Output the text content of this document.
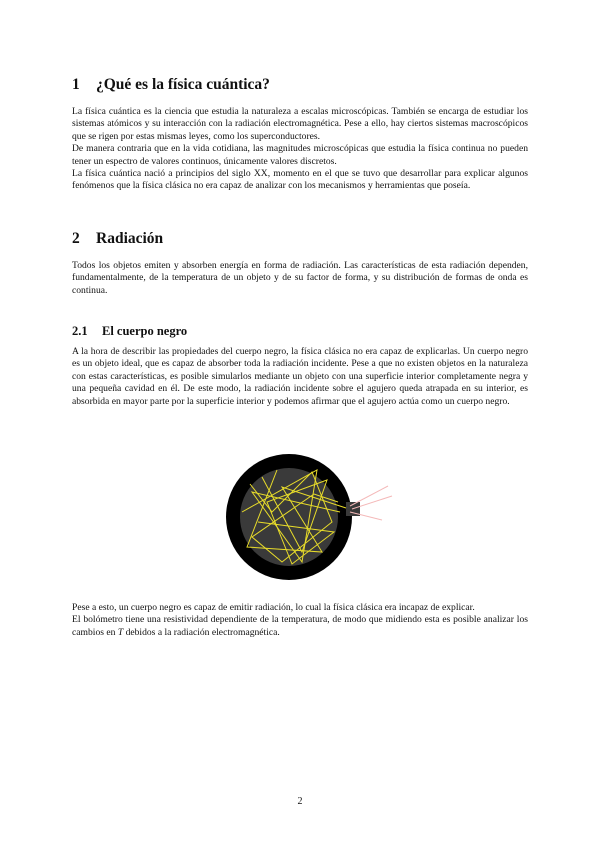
1 ¿Qué es la física cuántica?

La física cuántica es la ciencia que estudia la naturaleza a escalas microscópicas. También se encarga de estudiar los sistemas atómicos y su interacción con la radiación electromagnética. Pese a ello, hay ciertos sistemas macroscópicos que se rigen por estas mismas leyes, como los superconductores.

De manera contraria que en la vida cotidiana, las magnitudes microscópicas que estudia la física continua no pueden tener un espectro de valores continuos, únicamente valores discretos.

La física cuántica nació a principios del siglo XX, momento en el que se tuvo que desarrollar para explicar algunos fenómenos que la física clásica no era capaz de analizar con los mecanismos y herramientas que poseía.

2 Radiación

Todos los objetos emiten y absorben energía en forma de radiación. Las características de esta radiación dependen, fundamentalmente, de la temperatura de un objeto y de su factor de forma, y su distribución de formas de onda es continua.

2.1 El cuerpo negro

A la hora de describir las propiedades del cuerpo negro, la física clásica no era capaz de explicarlas. Un cuerpo negro es un objeto ideal, que es capaz de absorber toda la radiación incidente. Pese a que no existen objetos en la naturaleza con estas características, es posible simularlos mediante un objeto con una superficie interior completamente negra y una pequeña cavidad en él. De este modo, la radiación incidente sobre el agujero queda atrapada en su interior, es absorbida en mayor parte por la superficie interior y podemos afirmar que el agujero actúa como un cuerpo negro.

Pese a esto, un cuerpo negro es capaz de emitir radiación, lo cual la física clásica era incapaz de explicar.

El bolómetro tiene una resistividad dependiente de la temperatura, de modo que midiendo esta es posible analizar los cambios en T debidos a la radiación electromagnética.

2
